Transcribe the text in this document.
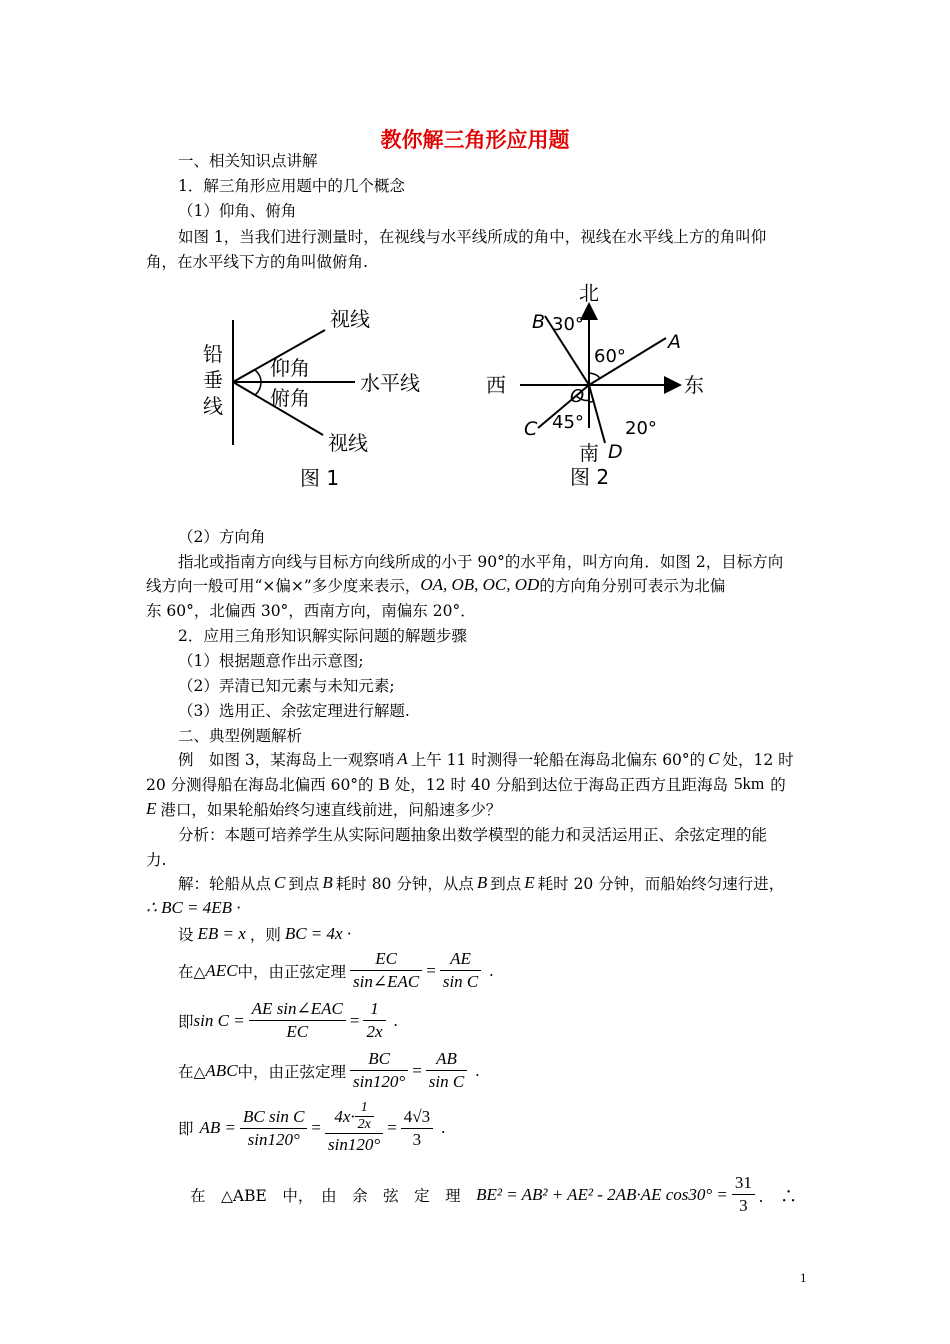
教你解三角形应用题
一、相关知识点讲解
1．解三角形应用题中的几个概念
（1）仰角、俯角
如图 1，当我们进行测量时，在视线与水平线所成的角中，视线在水平线上方的角叫仰
角，在水平线下方的角叫做俯角.
铅
垂
线
视线
视线
水平线
仰角
俯角
图 1
北
南
西	东
A
B
C
D
O
30°
60°
45° 20°
图 2
（2）方向角
指北或指南方向线与目标方向线所成的小于 90°的水平角，叫方向角．如图 2，目标方向
线方向一般可用“×偏×”多少度来表示， OA, OB, OC, OD 的方向角分别可表示为北偏
东 60°，北偏西 30°，西南方向，南偏东 20°．
2．应用三角形知识解实际问题的解题步骤
（1）根据题意作出示意图;
（2）弄清已知元素与未知元素;
（3）选用正、余弦定理进行解题.
二、典型例题解析
例　如图 3，某海岛上一观察哨 A 上午 11 时测得一轮船在海岛北偏东 60°的 C 处，12 时
20 分测得船在海岛北偏西 60°的 B 处，12 时 40 分船到达位于海岛正西方且距海岛 5km 的
E 港口，如果轮船始终匀速直线前进，问船速多少？
分析：本题可培养学生从实际问题抽象出数学模型的能力和灵活运用正、余弦定理的能
力.
解：轮船从点 C 到点 B 耗时 80 分钟，从点 B 到点 E 耗时 20 分钟，而船始终匀速行进，
∴ BC = 4EB ·
设 EB = x ，则 BC = 4x ·
在△ AEC 中，由正弦定理 $\frac{EC}{\text{sin∠EAC}} = \frac{AE}{\text{sin C}}$ .
即 $\sin C = \frac{\text{AE sin∠EAC}}{EC} = \frac{1}{2x}$ .
在△ ABC 中，由正弦定理 $\frac{BC}{\sin 120^\circ} = \frac{AB}{\text{sin C}}$ .
即 AB = $\frac{\text{BC sin C}}{\sin 120^\circ} = \frac{4x\cdot \frac{1}{2x}}{\sin 120^\circ} = \frac{4√3}{3}$ .
在　△ABE　中，　由　余　弦　定　理　 BE² = AB² + AE² - 2AB·AE $\cos 30^\circ = \frac{31}{3}$ .　∴
1
